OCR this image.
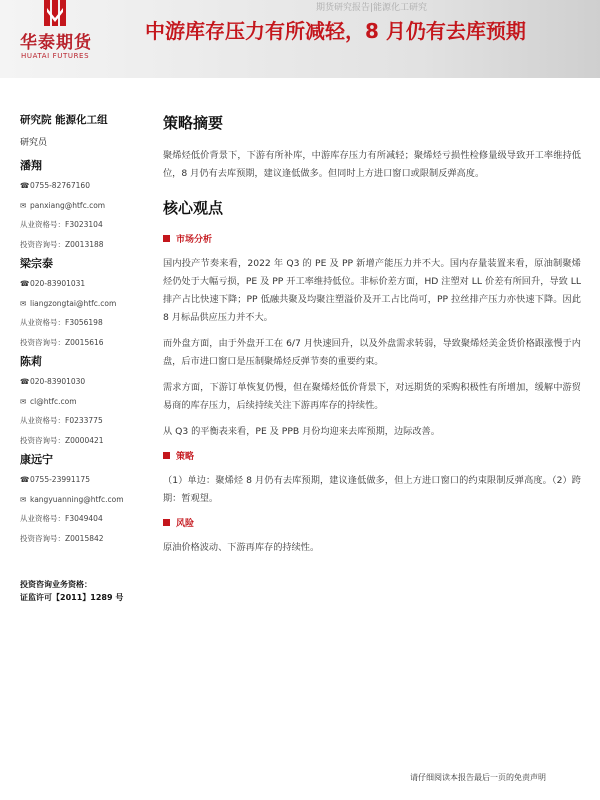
华泰期货
HUATAI FUTURES
期货研究报告|能源化工研究
中游库存压力有所减轻，8 月仍有去库预期
研究院 能源化工组
研究员
潘翔
☎0755-82767160
✉ panxiang@htfc.com
从业资格号：F3023104
投资咨询号：Z0013188
梁宗泰
☎020-83901031
✉ liangzongtai@htfc.com
从业资格号：F3056198
投资咨询号：Z0015616
陈莉
☎020-83901030
✉ cl@htfc.com
从业资格号：F0233775
投资咨询号：Z0000421
康远宁
☎0755-23991175
✉ kangyuanning@htfc.com
从业资格号：F3049404
投资咨询号：Z0015842
投资咨询业务资格：
证监许可【2011】1289 号
策略摘要

聚烯烃低价背景下，下游有所补库，中游库存压力有所减轻；聚烯烃亏损性检修量级导致开工率维持低位，8 月仍有去库预期，建议逢低做多。但同时上方进口窗口或限制反弹高度。

核心观点
市场分析

国内投产节奏来看，2022 年 Q3 的 PE 及 PP 新增产能压力并不大。国内存量装置来看，原油制聚烯烃仍处于大幅亏损，PE 及 PP 开工率维持低位。非标价差方面，HD 注塑对 LL 价差有所回升，导致 LL 排产占比快速下降；PP 低融共聚及均聚注塑溢价及开工占比尚可，PP 拉丝排产压力亦快速下降。因此 8 月标品供应压力并不大。

而外盘方面，由于外盘开工在 6/7 月快速回升，以及外盘需求转弱，导致聚烯烃美金货价格跟涨慢于内盘，后市进口窗口是压制聚烯烃反弹节奏的重要约束。

需求方面，下游订单恢复仍慢，但在聚烯烃低价背景下，对远期货的采购积极性有所增加，缓解中游贸易商的库存压力，后续持续关注下游再库存的持续性。

从 Q3 的平衡表来看，PE 及 PPB 月份均迎来去库预期，边际改善。

策略

（1）单边：聚烯烃 8 月仍有去库预期，建议逢低做多，但上方进口窗口的约束限制反弹高度。（2）跨期：暂观望。

风险

原油价格波动、下游再库存的持续性。

请仔细阅读本报告最后一页的免责声明
